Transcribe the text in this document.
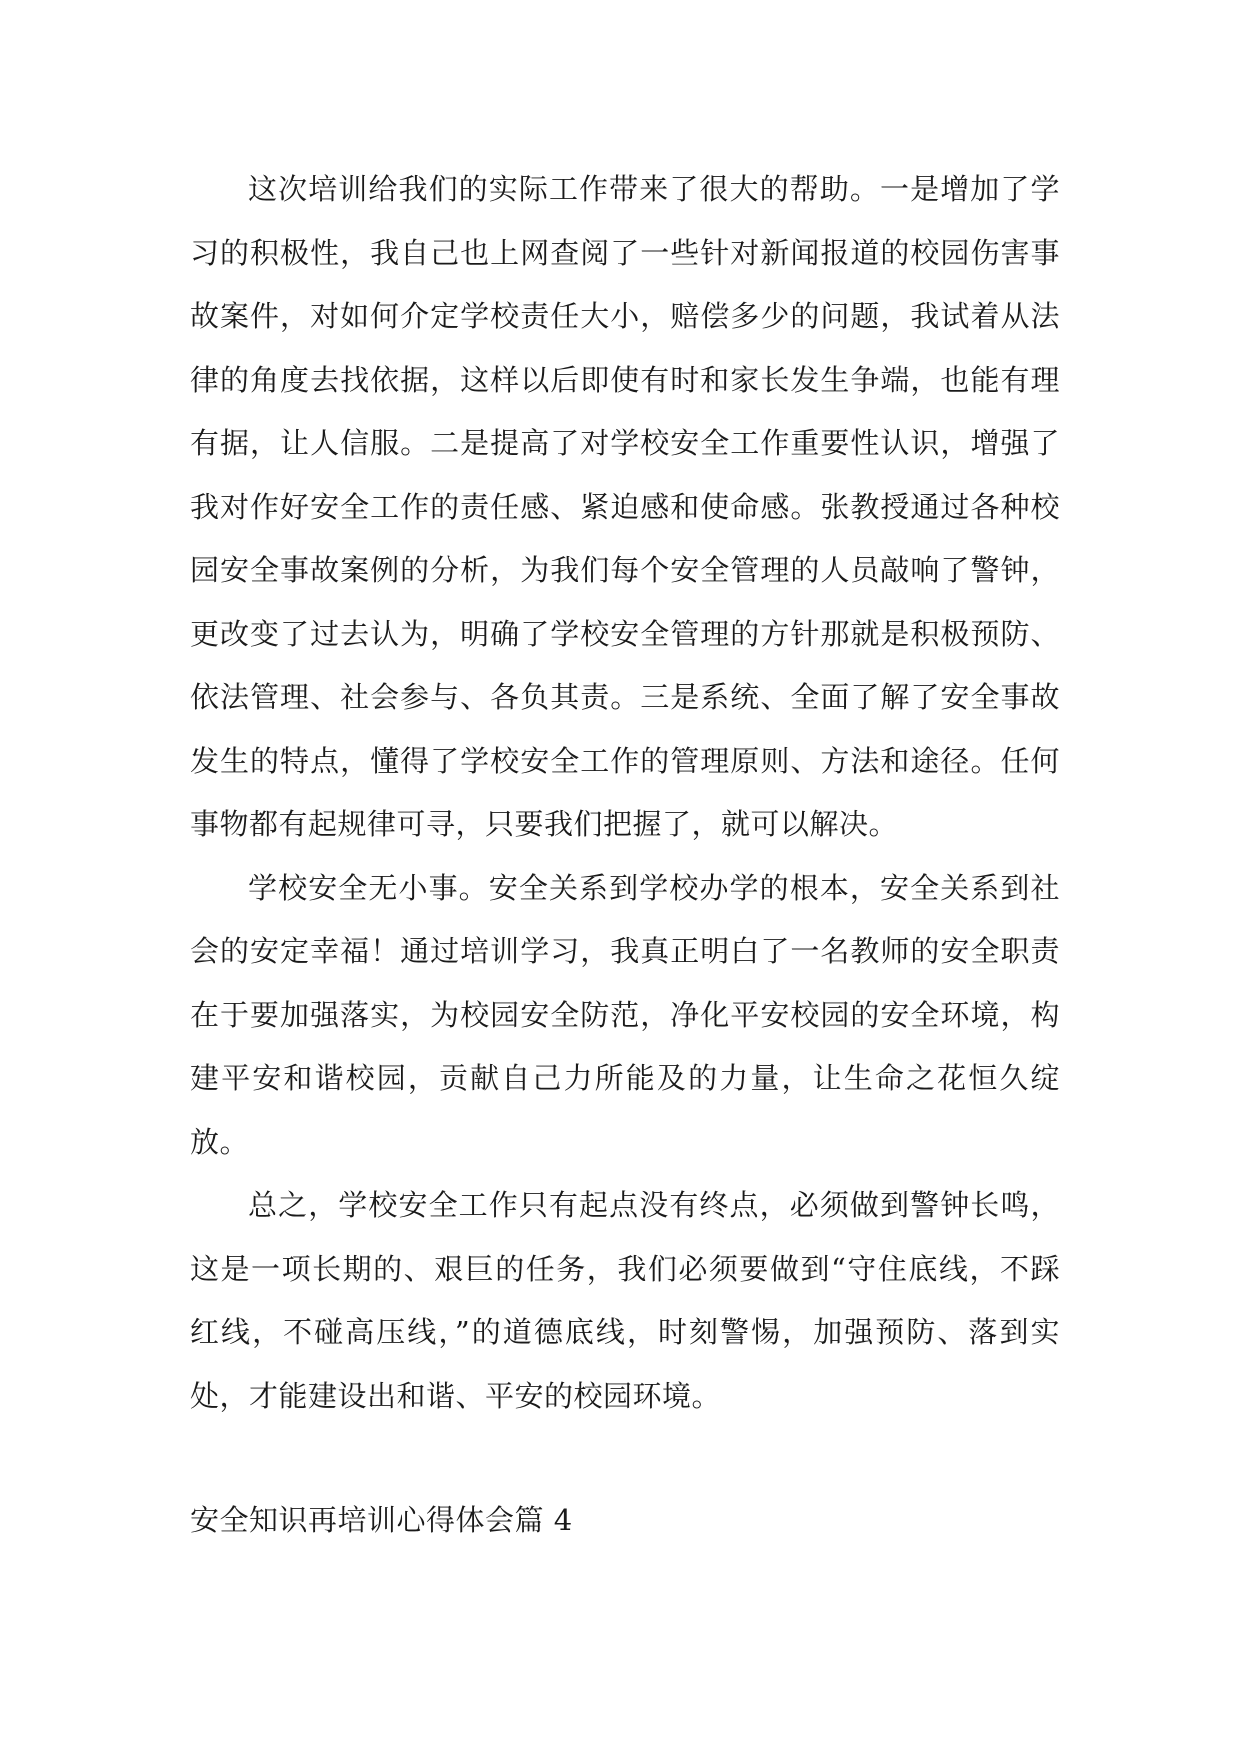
这次培训给我们的实际工作带来了很大的帮助。一是增加了学习的积极性，我自己也上网查阅了一些针对新闻报道的校园伤害事故案件，对如何介定学校责任大小，赔偿多少的问题，我试着从法律的角度去找依据，这样以后即使有时和家长发生争端，也能有理有据，让人信服。二是提高了对学校安全工作重要性认识，增强了我对作好安全工作的责任感、紧迫感和使命感。张教授通过各种校园安全事故案例的分析，为我们每个安全管理的人员敲响了警钟，更改变了过去认为，明确了学校安全管理的方针那就是积极预防、依法管理、社会参与、各负其责。三是系统、全面了解了安全事故发生的特点，懂得了学校安全工作的管理原则、方法和途径。任何事物都有起规律可寻，只要我们把握了，就可以解决。

学校安全无小事。安全关系到学校办学的根本，安全关系到社会的安定幸福！通过培训学习，我真正明白了一名教师的安全职责在于要加强落实，为校园安全防范，净化平安校园的安全环境，构建平安和谐校园，贡献自己力所能及的力量，让生命之花恒久绽放。

总之，学校安全工作只有起点没有终点，必须做到警钟长鸣，这是一项长期的、艰巨的任务，我们必须要做到“守住底线，不踩红线，不碰高压线，”的道德底线，时刻警惕，加强预防、落到实处，才能建设出和谐、平安的校园环境。

安全知识再培训心得体会篇 4
